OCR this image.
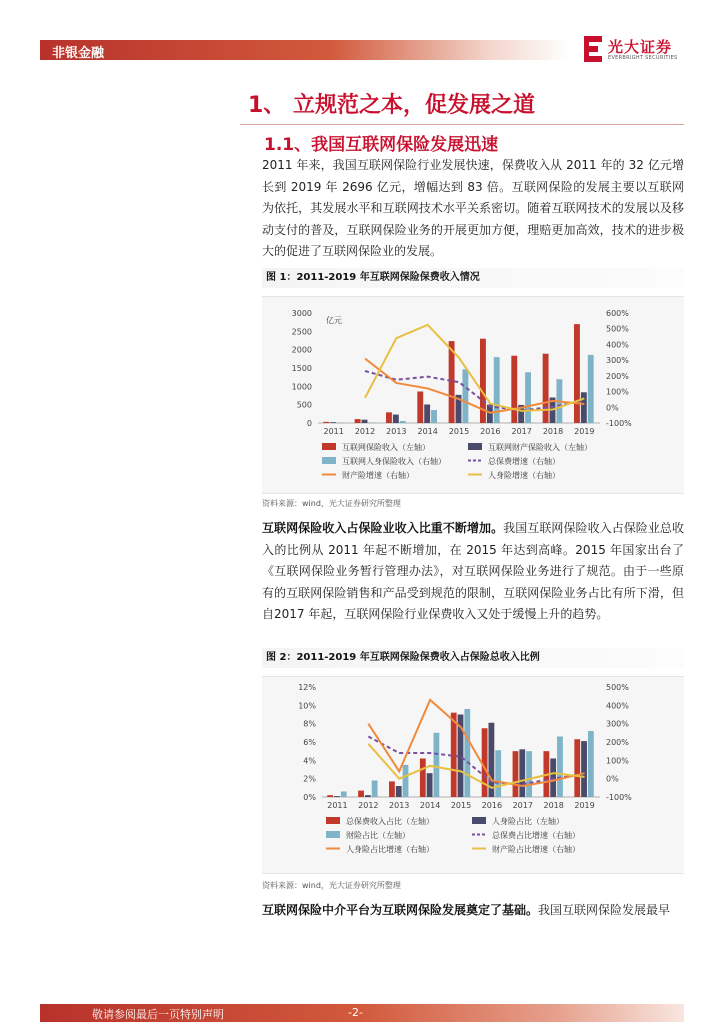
非银金融	光大证券
EVERBRIGHT SECURITIES
1、 立规范之本，促发展之道
1.1、我国互联网保险发展迅速
2011 年来，我国互联网保险行业发展快速，保费收入从 2011 年的 32 亿元增长到 2019 年 2696 亿元，增幅达到 83 倍。互联网保险的发展主要以互联网为依托，其发展水平和互联网技术水平关系密切。随着互联网技术的发展以及移动支付的普及，互联网保险业务的开展更加方便，理赔更加高效，技术的进步极大的促进了互联网保险业的发展。
图 1：2011-2019 年互联网保险保费收入情况
0
500
1000
1500
2000
2500
3000
-100%
0%
100%
200%
300%
400%
500%
600%
亿元
2011 2012 2013 2014 2015 2016 2017 2018 2019
互联网保险收入（左轴）	互联网财产保险收入（左轴）
互联网人身保险收入（右轴）	总保费增速（右轴）
财产险增速（右轴）	人身险增速（右轴）
资料来源：wind，光大证券研究所整理
互联网保险收入占保险业收入比重不断增加。我国互联网保险收入占保险业总收入的比例从 2011 年起不断增加，在 2015 年达到高峰。2015 年国家出台了《互联网保险业务暂行管理办法》，对互联网保险业务进行了规范。由于一些原有的互联网保险销售和产品受到规范的限制，互联网保险业务占比有所下滑，但自2017 年起，互联网保险行业保费收入又处于缓慢上升的趋势。
图 2：2011-2019 年互联网保险保费收入占保险总收入比例
0%
2%
4%
6%
8%
10%
12%
-100%
0%
100%
200%
300%
400%
500%
2011 2012 2013 2014 2015 2016 2017 2018 2019
总保费收入占比（左轴）	人身险占比（左轴）
财险占比（左轴）	总保费占比增速（右轴）
人身险占比增速（右轴）	财产险占比增速（右轴）
资料来源：wind，光大证券研究所整理
互联网保险中介平台为互联网保险发展奠定了基础。我国互联网保险发展最早
敬请参阅最后一页特别声明	-2-
